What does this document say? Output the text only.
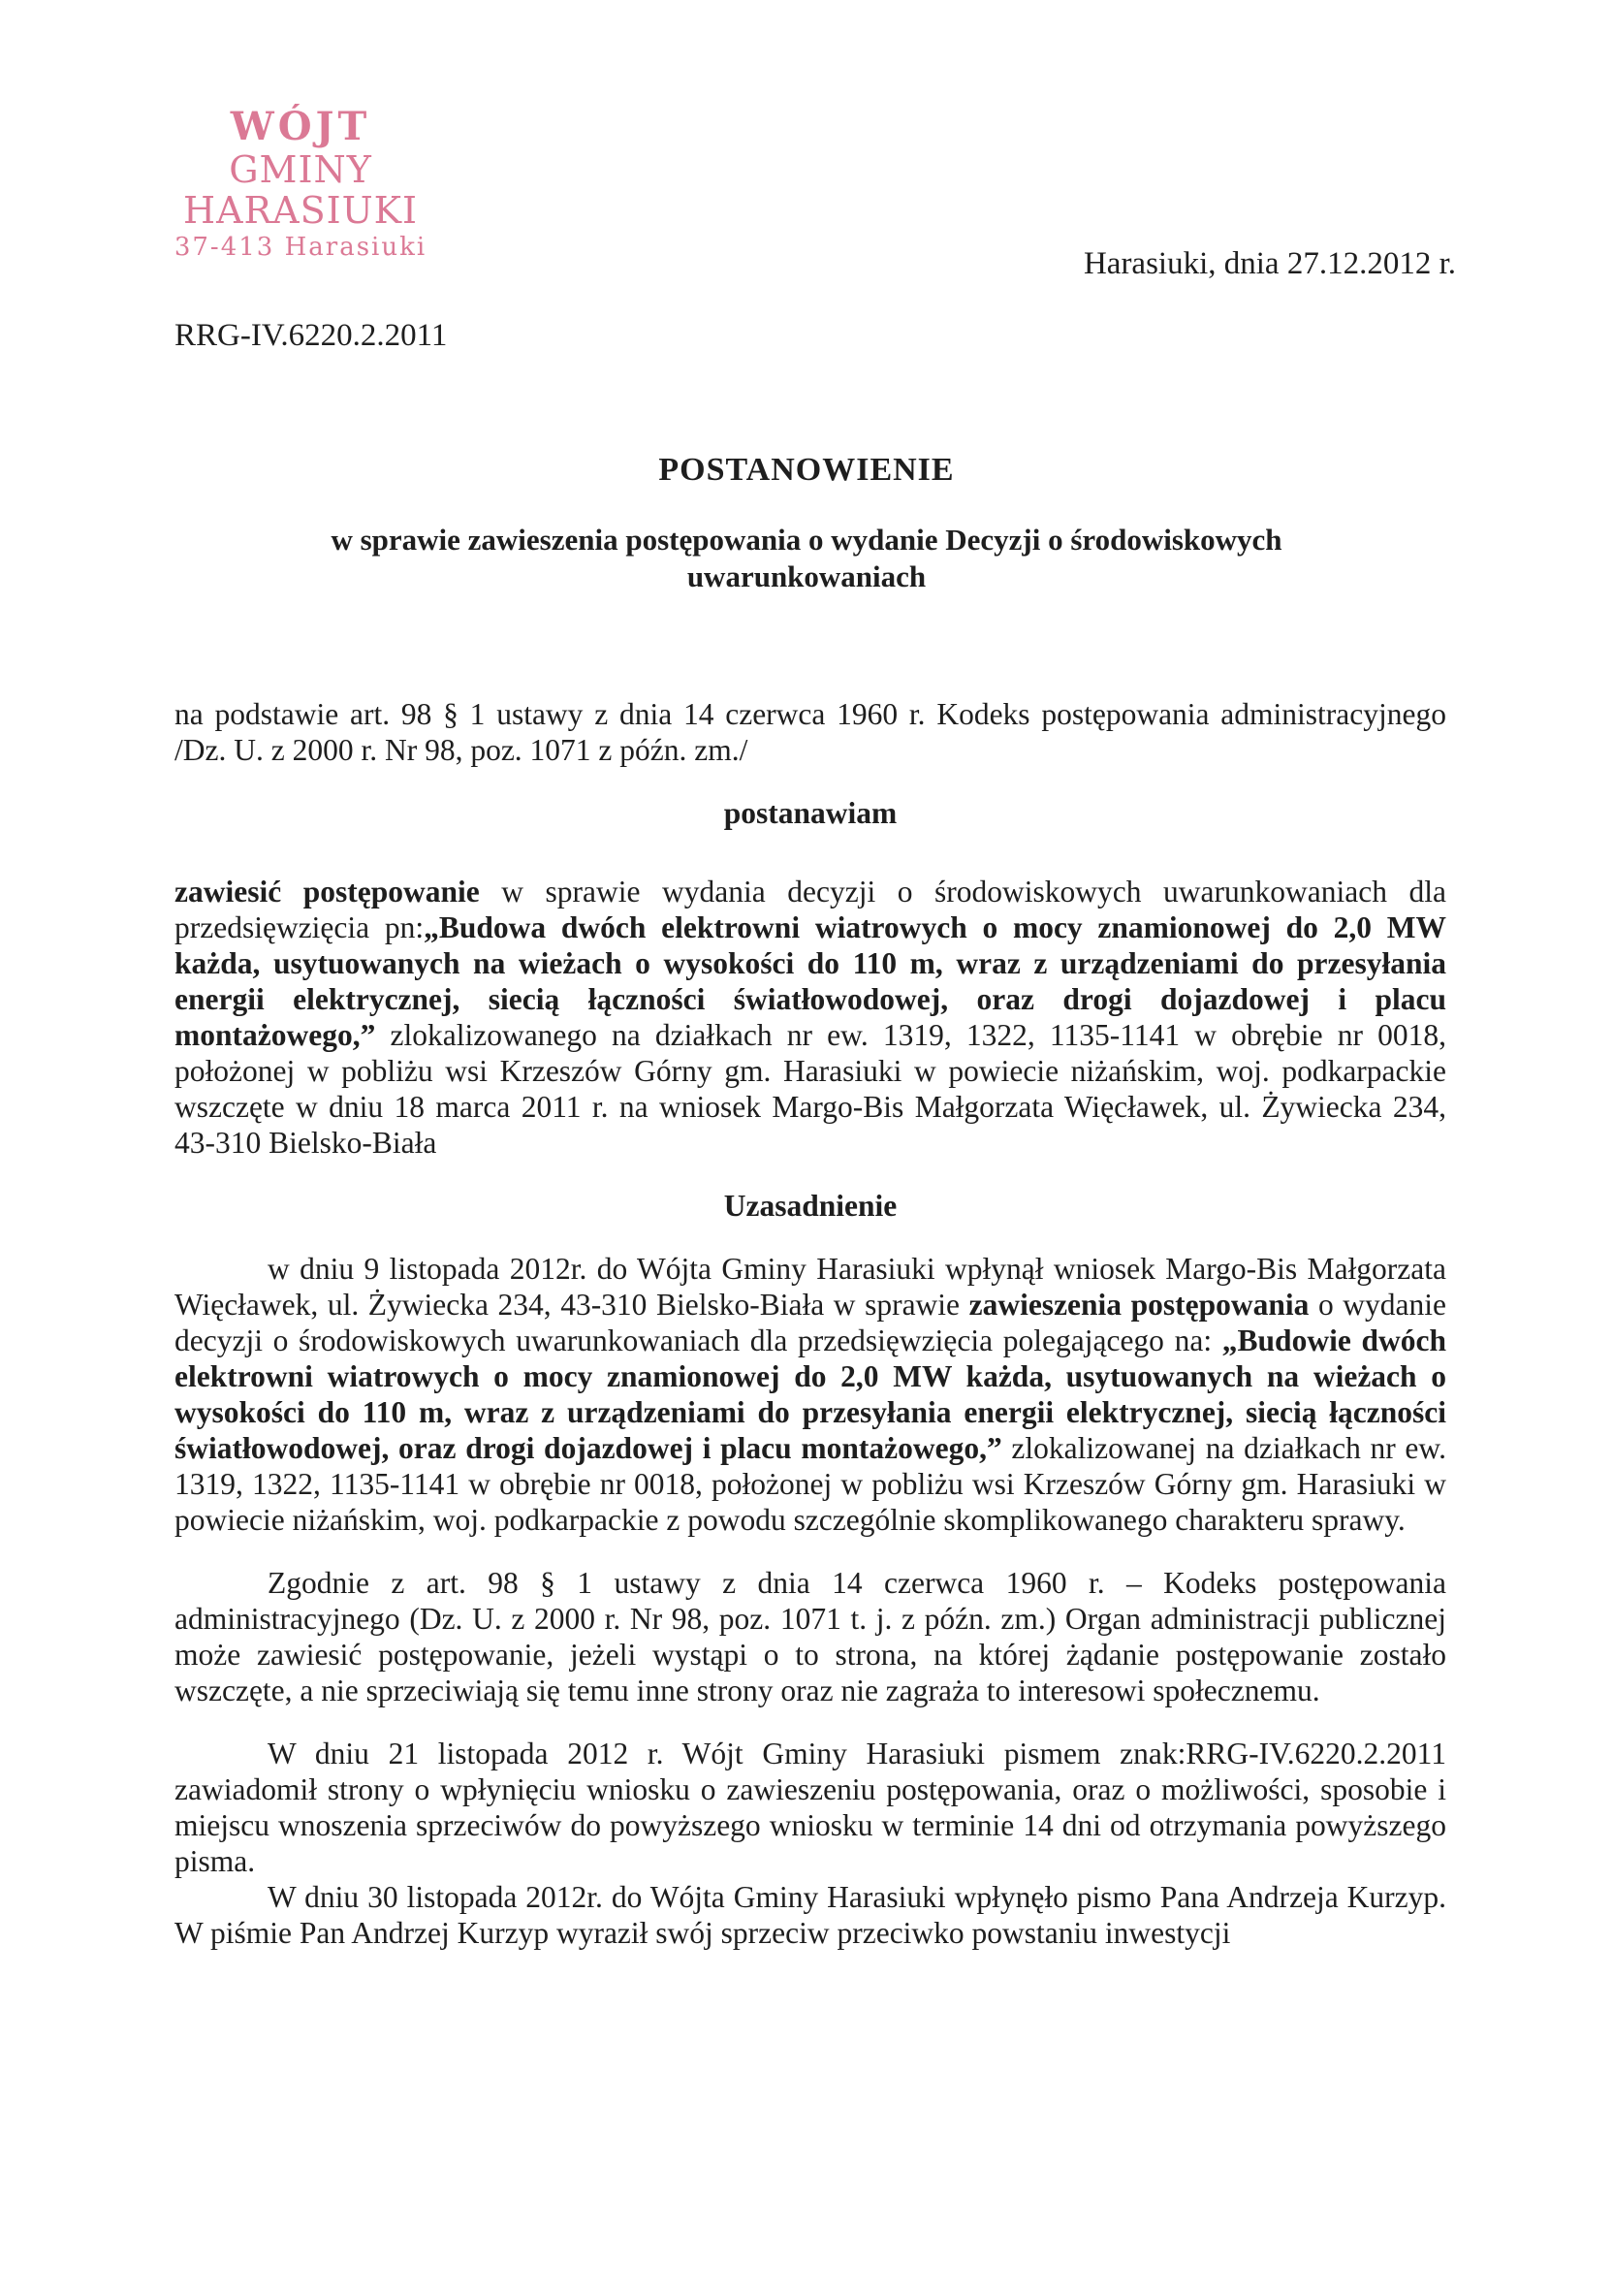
WÓJT
GMINY HARASIUKI
37-413 Harasiuki	Harasiuki, dnia 27.12.2012 r.
RRG-IV.6220.2.2011
POSTANOWIENIE
w sprawie zawieszenia postępowania o wydanie Decyzji o środowiskowych uwarunkowaniach

na podstawie art. 98 § 1 ustawy z dnia 14 czerwca 1960 r. Kodeks postępowania administracyjnego /Dz. U. z 2000 r. Nr 98, poz. 1071 z późn. zm./

postanawiam

zawiesić postępowanie w sprawie wydania decyzji o środowiskowych uwarunkowaniach dla przedsięwzięcia pn:„Budowa dwóch elektrowni wiatrowych o mocy znamionowej do 2,0 MW każda, usytuowanych na wieżach o wysokości do 110 m, wraz z urządzeniami do przesyłania energii elektrycznej, siecią łączności światłowodowej, oraz drogi dojazdowej i placu montażowego,” zlokalizowanego na działkach nr ew. 1319, 1322, 1135-1141 w obrębie nr 0018, położonej w pobliżu wsi Krzeszów Górny gm. Harasiuki w powiecie niżańskim, woj. podkarpackie wszczęte w dniu 18 marca 2011 r. na wniosek Margo-Bis Małgorzata Więcławek, ul. Żywiecka 234, 43-310 Bielsko-Biała

Uzasadnienie

w dniu 9 listopada 2012r. do Wójta Gminy Harasiuki wpłynął wniosek Margo-Bis Małgorzata Więcławek, ul. Żywiecka 234, 43-310 Bielsko-Biała w sprawie zawieszenia postępowania o wydanie decyzji o środowiskowych uwarunkowaniach dla przedsięwzięcia polegającego na: „Budowie dwóch elektrowni wiatrowych o mocy znamionowej do 2,0 MW każda, usytuowanych na wieżach o wysokości do 110 m, wraz z urządzeniami do przesyłania energii elektrycznej, siecią łączności światłowodowej, oraz drogi dojazdowej i placu montażowego,” zlokalizowanej na działkach nr ew. 1319, 1322, 1135-1141 w obrębie nr 0018, położonej w pobliżu wsi Krzeszów Górny gm. Harasiuki w powiecie niżańskim, woj. podkarpackie z powodu szczególnie skomplikowanego charakteru sprawy.

Zgodnie z art. 98 § 1 ustawy z dnia 14 czerwca 1960 r. – Kodeks postępowania administracyjnego (Dz. U. z 2000 r. Nr 98, poz. 1071 t. j. z późn. zm.) Organ administracji publicznej może zawiesić postępowanie, jeżeli wystąpi o to strona, na której żądanie postępowanie zostało wszczęte, a nie sprzeciwiają się temu inne strony oraz nie zagraża to interesowi społecznemu.

W dniu 21 listopada 2012 r. Wójt Gminy Harasiuki pismem znak:RRG-IV.6220.2.2011 zawiadomił strony o wpłynięciu wniosku o zawieszeniu postępowania, oraz o możliwości, sposobie i miejscu wnoszenia sprzeciwów do powyższego wniosku w terminie 14 dni od otrzymania powyższego pisma.

W dniu 30 listopada 2012r. do Wójta Gminy Harasiuki wpłynęło pismo Pana Andrzeja Kurzyp. W piśmie Pan Andrzej Kurzyp wyraził swój sprzeciw przeciwko powstaniu inwestycji
